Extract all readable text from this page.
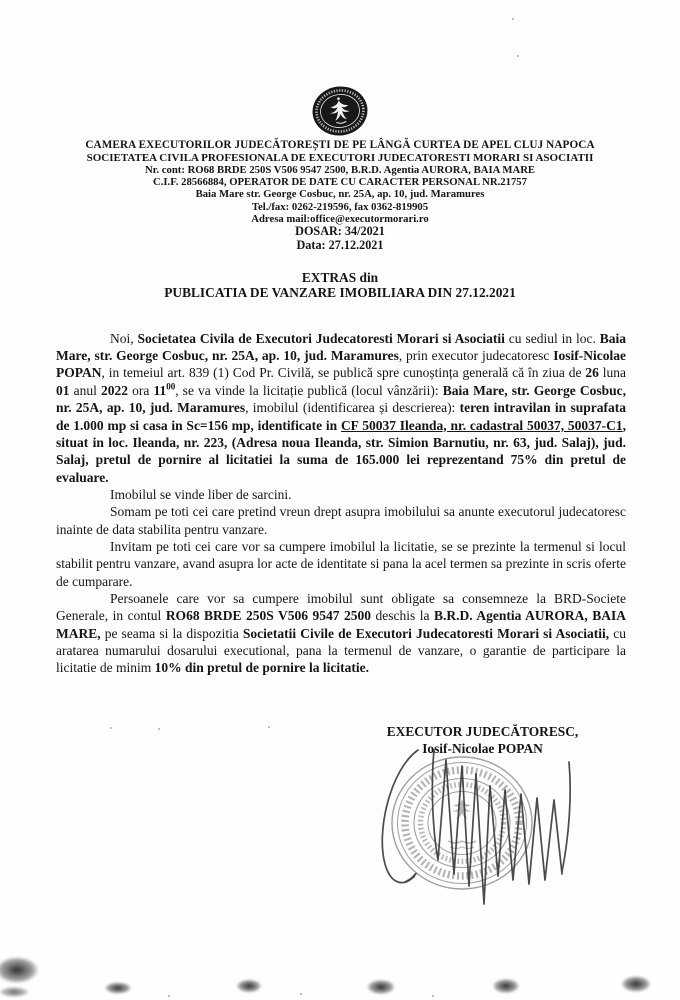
CAMERA EXECUTORILOR JUDECĂTOREȘTI DE PE LÂNGĂ CURTEA DE APEL CLUJ NAPOCA
SOCIETATEA CIVILA PROFESIONALA DE EXECUTORI JUDECATORESTI MORARI SI ASOCIATII
Nr. cont: RO68 BRDE 250S V506 9547 2500, B.R.D. Agentia AURORA, BAIA MARE
C.I.F. 28566884, OPERATOR DE DATE CU CARACTER PERSONAL NR.21757
Baia Mare str. George Cosbuc, nr. 25A, ap. 10, jud. Maramures
Tel./fax: 0262-219596, fax 0362-819905
Adresa mail:office@executormorari.ro
DOSAR: 34/2021
Data: 27.12.2021
EXTRAS din
PUBLICATIA DE VANZARE IMOBILIARA DIN 27.12.2021

Noi, Societatea Civila de Executori Judecatoresti Morari si Asociatii cu sediul in loc. Baia Mare, str. George Cosbuc, nr. 25A, ap. 10, jud. Maramures, prin executor judecatoresc Iosif-Nicolae POPAN, in temeiul art. 839 (1) Cod Pr. Civilă, se publică spre cunoștința generală că în ziua de 26 luna 01 anul 2022 ora $11^{00}$, se va vinde la licitație publică (locul vânzării): Baia Mare, str. George Cosbuc, nr. 25A, ap. 10, jud. Maramures, imobilul (identificarea și descrierea): teren intravilan in suprafata de 1.000 mp si casa in Sc=156 mp, identificate in CF 50037 Ileanda, nr. cadastral 50037, 50037-C1, situat in loc. Ileanda, nr. 223, (Adresa noua Ileanda, str. Simion Barnutiu, nr. 63, jud. Salaj), jud. Salaj, pretul de pornire al licitatiei la suma de 165.000 lei reprezentand 75% din pretul de evaluare.

Imobilul se vinde liber de sarcini.

Somam pe toti cei care pretind vreun drept asupra imobilului sa anunte executorul judecatoresc inainte de data stabilita pentru vanzare.

Invitam pe toti cei care vor sa cumpere imobilul la licitatie, se se prezinte la termenul si locul stabilit pentru vanzare, avand asupra lor acte de identitate si pana la acel termen sa prezinte in scris oferte de cumparare.

Persoanele care vor sa cumpere imobilul sunt obligate sa consemneze la BRD-Societe Generale, in contul RO68 BRDE 250S V506 9547 2500 deschis la B.R.D. Agentia AURORA, BAIA MARE, pe seama si la dispozitia Societatii Civile de Executori Judecatoresti Morari si Asociatii, cu aratarea numarului dosarului executional, pana la termenul de vanzare, o garantie de participare la licitatie de minim 10% din pretul de pornire la licitatie.

EXECUTOR JUDECĂTORESC,
Iosif-Nicolae POPAN
